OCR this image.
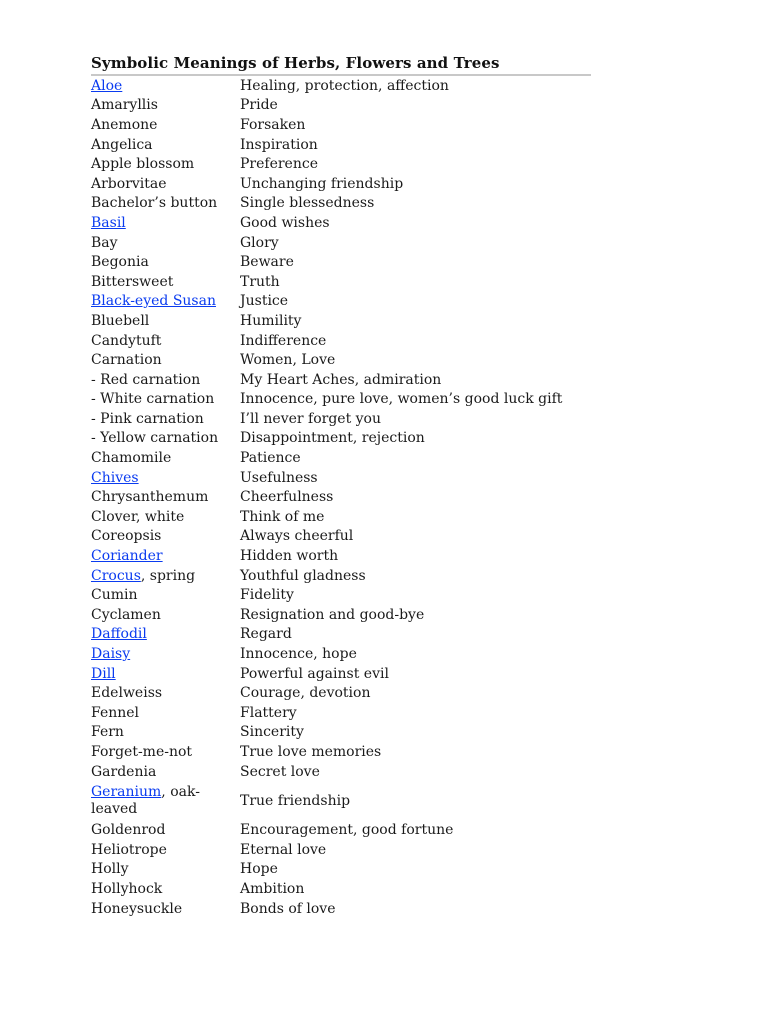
Symbolic Meanings of Herbs, Flowers and Trees
Aloe	Healing, protection, affection
Amaryllis	Pride
Anemone	Forsaken
Angelica	Inspiration
Apple blossom	Preference
Arborvitae	Unchanging friendship
Bachelor’s button	Single blessedness
Basil	Good wishes
Bay	Glory
Begonia	Beware
Bittersweet	Truth
Black-eyed Susan	Justice
Bluebell	Humility
Candytuft	Indifference
Carnation	Women, Love
- Red carnation	My Heart Aches, admiration
- White carnation	Innocence, pure love, women’s good luck gift
- Pink carnation	I’ll never forget you
- Yellow carnation	Disappointment, rejection
Chamomile	Patience
Chives	Usefulness
Chrysanthemum	Cheerfulness
Clover, white	Think of me
Coreopsis	Always cheerful
Coriander	Hidden worth
Crocus, spring	Youthful gladness
Cumin	Fidelity
Cyclamen	Resignation and good-bye
Daffodil	Regard
Daisy	Innocence, hope
Dill	Powerful against evil
Edelweiss	Courage, devotion
Fennel	Flattery
Fern	Sincerity
Forget-me-not	True love memories
Gardenia	Secret love
Geranium, oak-leaved	True friendship
Goldenrod	Encouragement, good fortune
Heliotrope	Eternal love
Holly	Hope
Hollyhock	Ambition
Honeysuckle	Bonds of love
